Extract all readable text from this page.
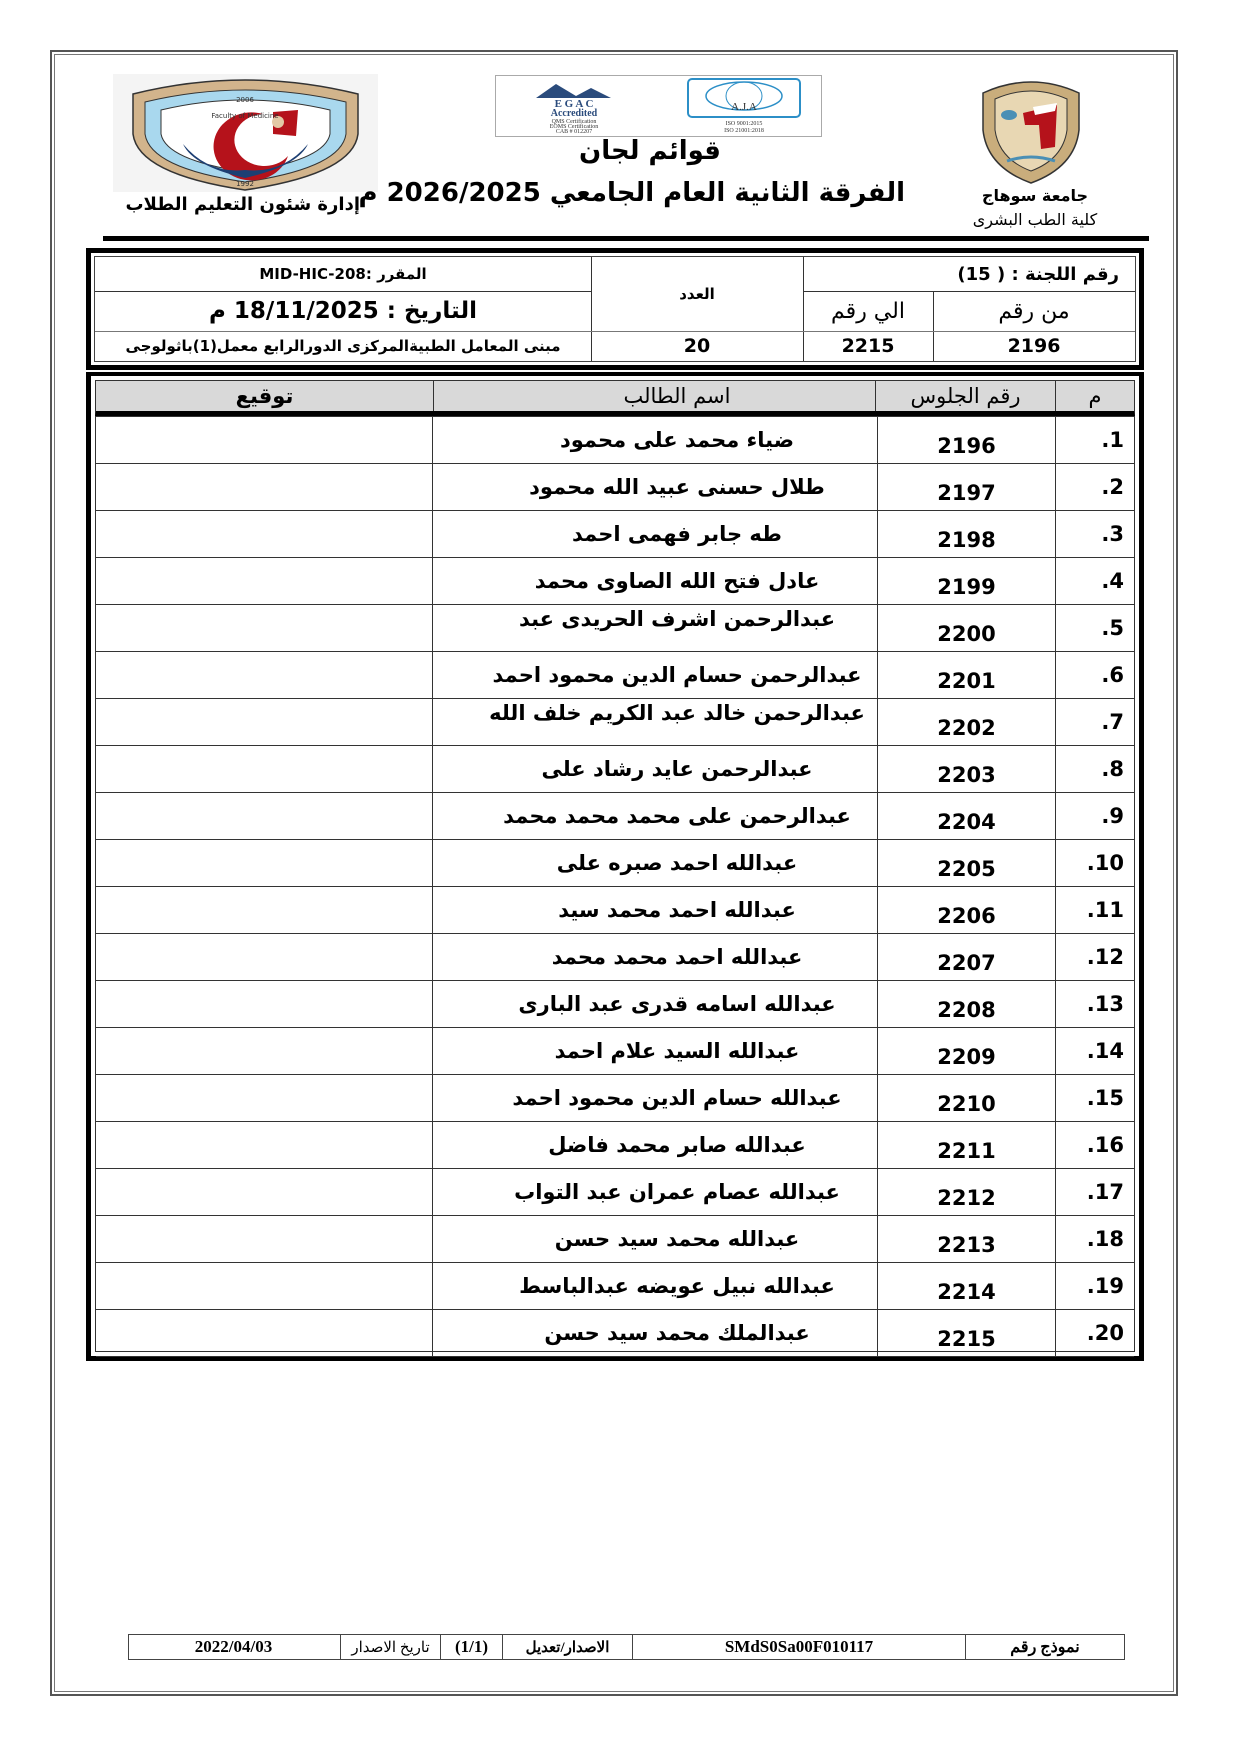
2006
1992
Faculty of Medicine
E G A C
Accredited
QMS Certification
EOMS Certification
CAB # 012207
A.J.A
ISO 9001:2015
ISO 21001:2018
قوائم لجان
الفرقة الثانية العام الجامعي 2026/2025 م
إدارة شئون التعليم الطلاب	جامعة سوهاج
كلية الطب البشرى
رقم اللجنة : ( 15)
من رقم
الي رقم
العدد
المقرر :MID-HIC-208
التاريخ : 18/11/2025 م
2196
2215
20
مبنى المعامل الطبيةالمركزى الدورالرابع معمل(1)باثولوجى
م
رقم الجلوس
اسم الطالب
توقيع
.1
2196
ضياء محمد على محمود
.2
2197
طلال حسنى عبيد الله محمود
.3
2198
طه جابر فهمى احمد
.4
2199
عادل فتح الله الصاوى محمد
.5
2200
عبدالرحمن اشرف الحريدى عبد
.6
2201
عبدالرحمن حسام الدين محمود احمد
.7
2202
عبدالرحمن خالد عبد الكريم خلف الله
.8
2203
عبدالرحمن عايد رشاد على
.9
2204
عبدالرحمن على محمد محمد محمد
.10
2205
عبدالله احمد صبره على
.11
2206
عبدالله احمد محمد سيد
.12
2207
عبدالله احمد محمد محمد
.13
2208
عبدالله اسامه قدرى عبد البارى
.14
2209
عبدالله السيد علام احمد
.15
2210
عبدالله حسام الدين محمود احمد
.16
2211
عبدالله صابر محمد فاضل
.17
2212
عبدالله عصام عمران عبد التواب
.18
2213
عبدالله محمد سيد حسن
.19
2214
عبدالله نبيل عويضه عبدالباسط
.20
2215
عبدالملك محمد سيد حسن
نموذج رقم
SMdS0Sa00F010117
الاصدار/تعديل
(1/1)
تاريخ الاصدار
2022/04/03
